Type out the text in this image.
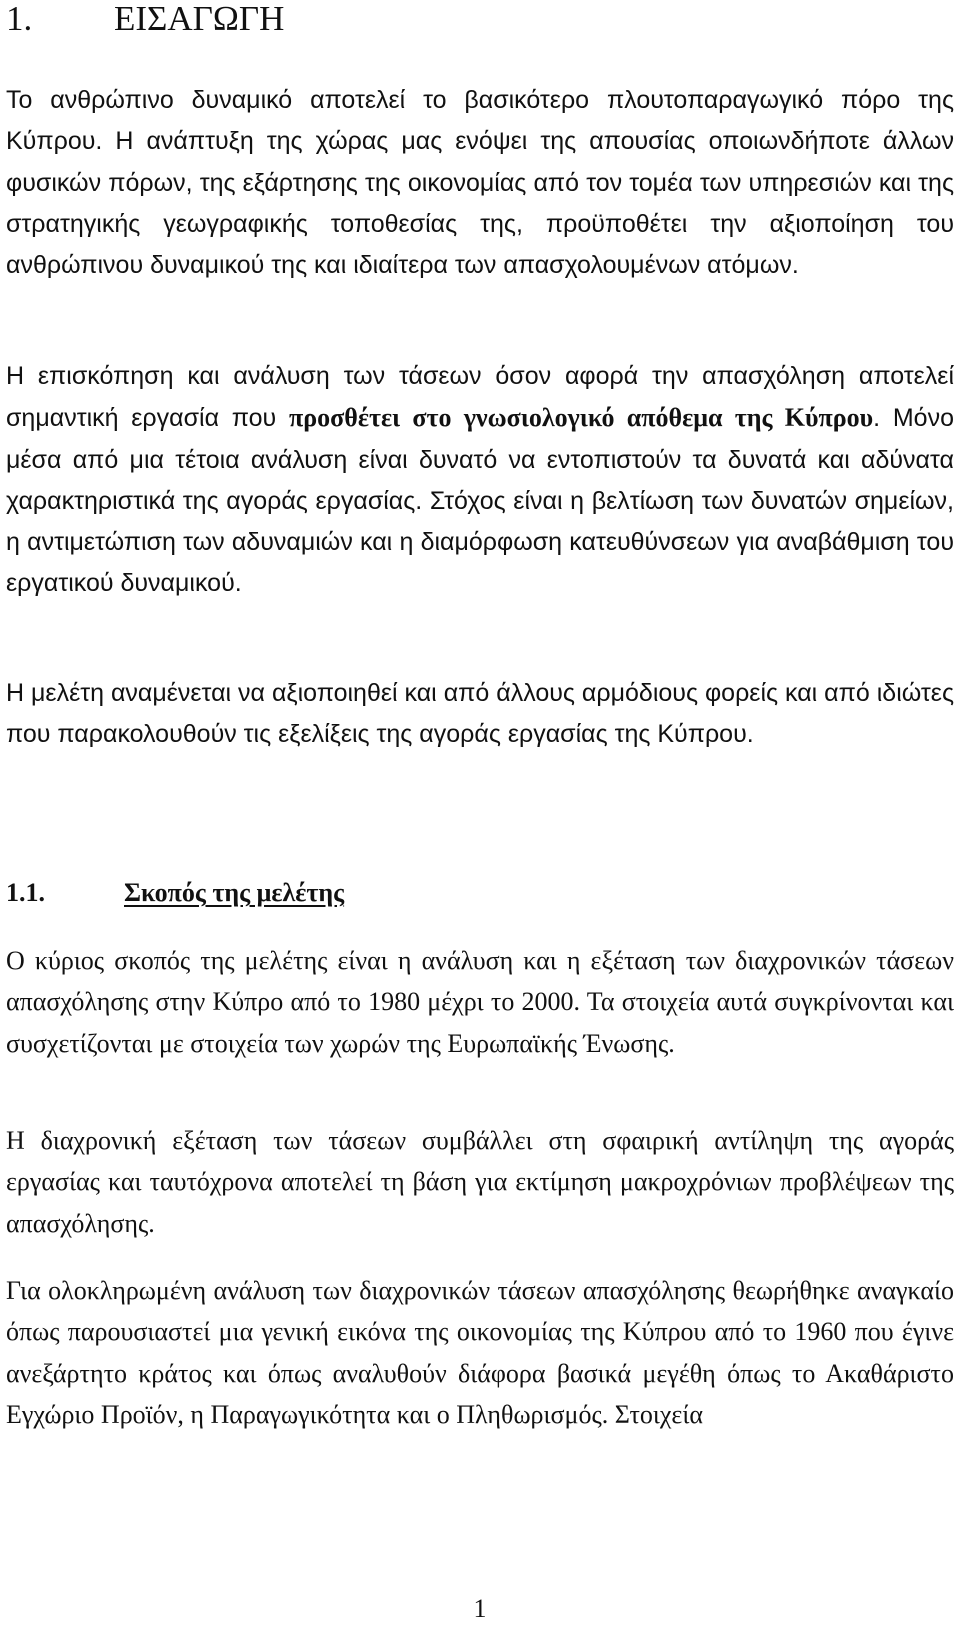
1. ΕΙΣΑΓΩΓΗ

Το ανθρώπινο δυναμικό αποτελεί το βασικότερο πλουτοπαραγωγικό πόρο της Κύπρου. Η ανάπτυξη της χώρας μας ενόψει της απουσίας οποιωνδήποτε άλλων φυσικών πόρων, της εξάρτησης της οικονομίας από τον τομέα των υπηρεσιών και της στρατηγικής γεωγραφικής τοποθεσίας της, προϋποθέτει την αξιοποίηση του ανθρώπινου δυναμικού της και ιδιαίτερα των απασχολουμένων ατόμων.

Η επισκόπηση και ανάλυση των τάσεων όσον αφορά την απασχόληση αποτελεί σημαντική εργασία που προσθέτει στο γνωσιολογικό απόθεμα της Κύπρου. Μόνο μέσα από μια τέτοια ανάλυση είναι δυνατό να εντοπιστούν τα δυνατά και αδύνατα χαρακτηριστικά της αγοράς εργασίας. Στόχος είναι η βελτίωση των δυνατών σημείων, η αντιμετώπιση των αδυναμιών και η διαμόρφωση κατευθύνσεων για αναβάθμιση του εργατικού δυναμικού.

Η μελέτη αναμένεται να αξιοποιηθεί και από άλλους αρμόδιους φορείς και από ιδιώτες που παρακολουθούν τις εξελίξεις της αγοράς εργασίας της Κύπρου.

1.1.	Σκοπός της μελέτης

Ο κύριος σκοπός της μελέτης είναι η ανάλυση και η εξέταση των διαχρονικών τάσεων απασχόλησης στην Κύπρο από το 1980 μέχρι το 2000. Τα στοιχεία αυτά συγκρίνονται και συσχετίζονται με στοιχεία των χωρών της Ευρωπαϊκής Ένωσης.

Η διαχρονική εξέταση των τάσεων συμβάλλει στη σφαιρική αντίληψη της αγοράς εργασίας και ταυτόχρονα αποτελεί τη βάση για εκτίμηση μακροχρόνιων προβλέψεων της απασχόλησης.

Για ολοκληρωμένη ανάλυση των διαχρονικών τάσεων απασχόλησης θεωρήθηκε αναγκαίο όπως παρουσιαστεί μια γενική εικόνα της οικονομίας της Κύπρου από το 1960 που έγινε ανεξάρτητο κράτος και όπως αναλυθούν διάφορα βασικά μεγέθη όπως το Ακαθάριστο Εγχώριο Προϊόν, η Παραγωγικότητα και ο Πληθωρισμός. Στοιχεία

1
